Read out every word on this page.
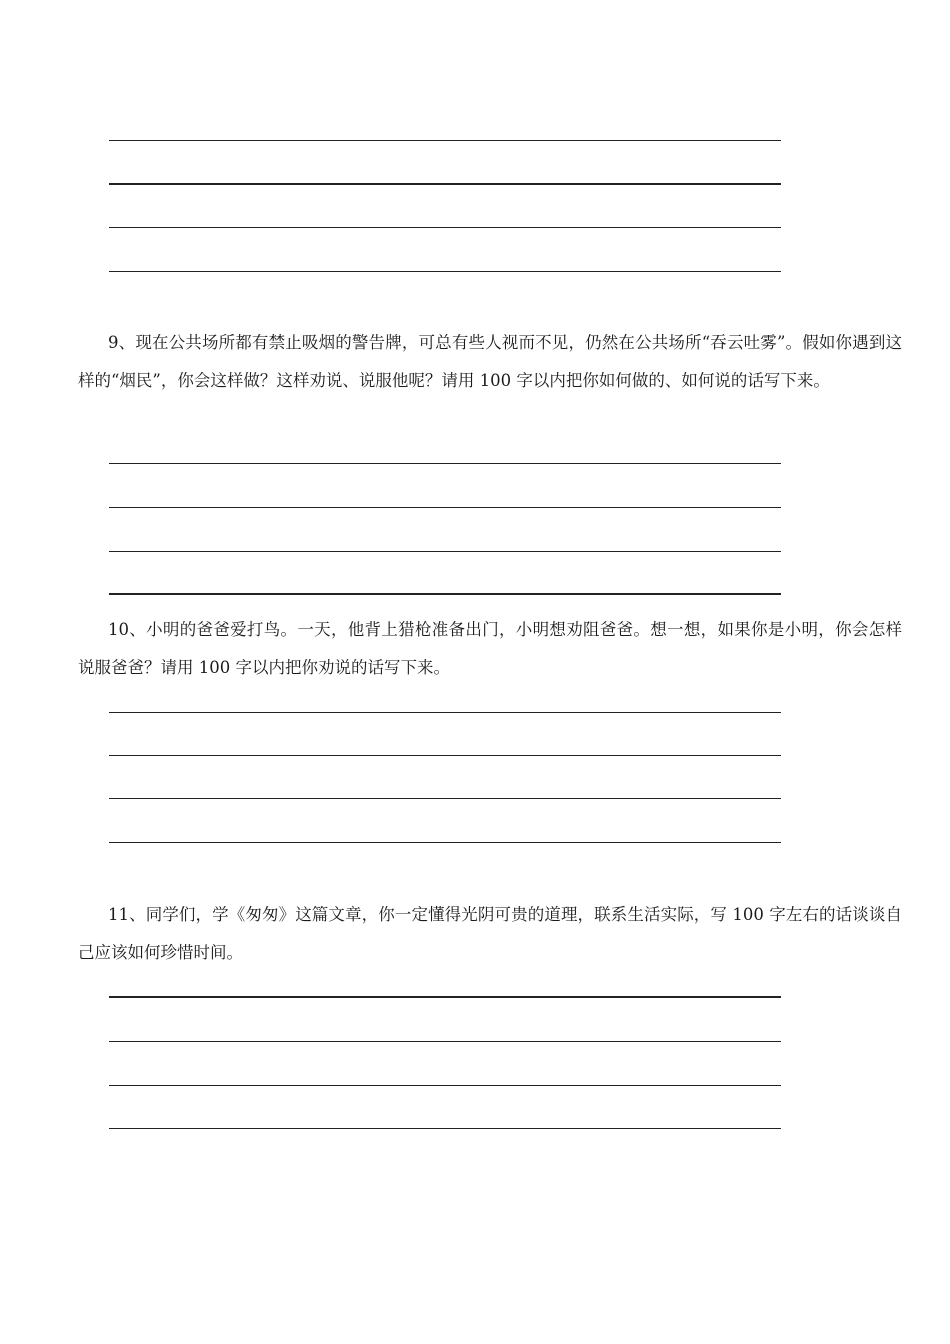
9、现在公共场所都有禁止吸烟的警告牌，可总有些人视而不见，仍然在公共场所“吞云吐雾”。假如你遇到这样的“烟民”，你会这样做？这样劝说、说服他呢？请用 100 字以内把你如何做的、如何说的话写下来。

10、小明的爸爸爱打鸟。一天，他背上猎枪准备出门，小明想劝阻爸爸。想一想，如果你是小明，你会怎样说服爸爸？请用 100 字以内把你劝说的话写下来。

11、同学们，学《匆匆》这篇文章，你一定懂得光阴可贵的道理，联系生活实际，写 100 字左右的话谈谈自己应该如何珍惜时间。
